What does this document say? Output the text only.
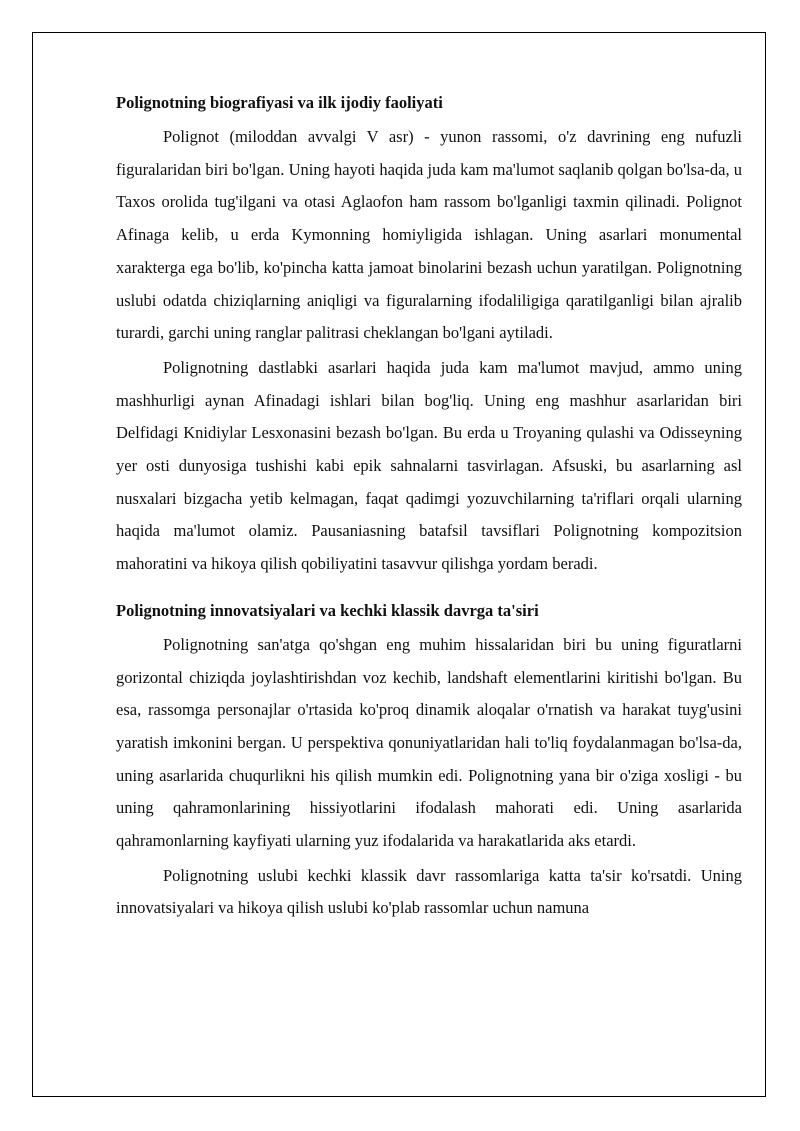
Polignotning biografiyasi va ilk ijodiy faoliyati

Polignot (miloddan avvalgi V asr) - yunon rassomi, o'z davrining eng nufuzli figuralaridan biri bo'lgan. Uning hayoti haqida juda kam ma'lumot saqlanib qolgan bo'lsa-da, u Taxos orolida tug'ilgani va otasi Aglaofon ham rassom bo'lganligi taxmin qilinadi. Polignot Afinaga kelib, u erda Kymonning homiyligida ishlagan. Uning asarlari monumental xarakterga ega bo'lib, ko'pincha katta jamoat binolarini bezash uchun yaratilgan. Polignotning uslubi odatda chiziqlarning aniqligi va figuralarning ifodaliligiga qaratilganligi bilan ajralib turardi, garchi uning ranglar palitrasi cheklangan bo'lgani aytiladi.

Polignotning dastlabki asarlari haqida juda kam ma'lumot mavjud, ammo uning mashhurligi aynan Afinadagi ishlari bilan bog'liq. Uning eng mashhur asarlaridan biri Delfidagi Knidiylar Lesxonasini bezash bo'lgan. Bu erda u Troyaning qulashi va Odisseyning yer osti dunyosiga tushishi kabi epik sahnalarni tasvirlagan. Afsuski, bu asarlarning asl nusxalari bizgacha yetib kelmagan, faqat qadimgi yozuvchilarning ta'riflari orqali ularning haqida ma'lumot olamiz. Pausaniasning batafsil tavsiflari Polignotning kompozitsion mahoratini va hikoya qilish qobiliyatini tasavvur qilishga yordam beradi.

Polignotning innovatsiyalari va kechki klassik davrga ta'siri

Polignotning san'atga qo'shgan eng muhim hissalaridan biri bu uning figuratlarni gorizontal chiziqda joylashtirishdan voz kechib, landshaft elementlarini kiritishi bo'lgan. Bu esa, rassomga personajlar o'rtasida ko'proq dinamik aloqalar o'rnatish va harakat tuyg'usini yaratish imkonini bergan. U perspektiva qonuniyatlaridan hali to'liq foydalanmagan bo'lsa-da, uning asarlarida chuqurlikni his qilish mumkin edi. Polignotning yana bir o'ziga xosligi - bu uning qahramonlarining hissiyotlarini ifodalash mahorati edi. Uning asarlarida qahramonlarning kayfiyati ularning yuz ifodalarida va harakatlarida aks etardi.

Polignotning uslubi kechki klassik davr rassomlariga katta ta'sir ko'rsatdi. Uning innovatsiyalari va hikoya qilish uslubi ko'plab rassomlar uchun namuna
